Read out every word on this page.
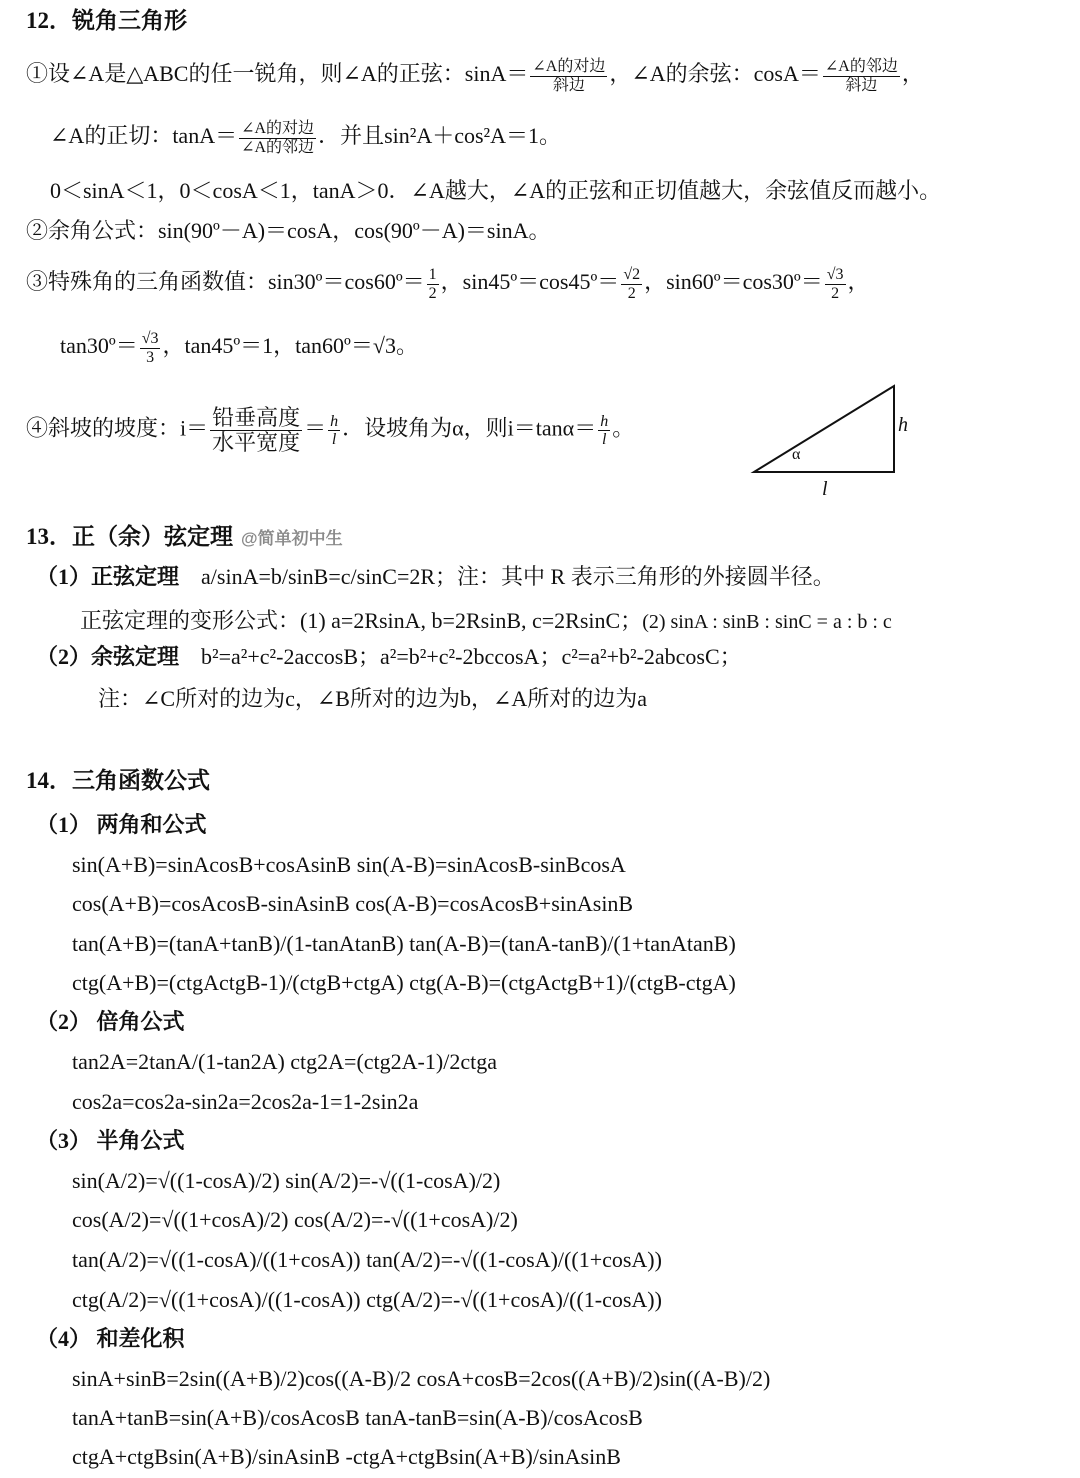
12．锐角三角形
①设∠A是△ABC的任一锐角，则∠A的正弦：$\sin A= \frac{\text{∠A的对边}}{\text{斜边}}$ ，∠A的余弦：$\cos A= \frac{\text{∠A的邻边}}{\text{斜边}}$ ，
∠A的正切：$\tan A= \frac{\text{∠A的对边}}{\text{∠A的邻边}}$ ．并且sin²A＋cos²A＝1。
0＜sinA＜1，0＜cosA＜1，tanA＞0．∠A越大，∠A的正弦和正切值越大，余弦值反而越小。
②余角公式：sin(90º－A)＝cosA，cos(90º－A)＝sinA。
③特殊角的三角函数值：sin30º＝cos60º＝ $\frac{1}{2}$ ，sin45º＝cos45º＝ $\frac{√2}{2}$ ，sin60º＝cos30º＝ $\frac{√3}{2}$ ，
tan30º＝ $\frac{√3}{3}$ ，tan45º＝1，tan60º＝√3。
④斜坡的坡度：$i= \frac{\text{铅垂高度}}{\text{水平宽度}} = \frac{h}{l}$ ．设坡角为α，则$i=\tan\alpha= \frac{h}{l}$ 。
α
h
l
13．正（余）弦定理 @简单初中生
（1）正弦定理 a/sinA=b/sinB=c/sinC=2R；注：其中 R 表示三角形的外接圆半径。
正弦定理的变形公式：(1) a=2RsinA, b=2RsinB, c=2RsinC；(2) sinA : sinB : sinC = a : b : c
（2）余弦定理 b²=a²+c²-2accosB；a²=b²+c²-2bccosA；c²=a²+b²-2abcosC；
注：∠C所对的边为c，∠B所对的边为b，∠A所对的边为a
14．三角函数公式
（1） 两角和公式
sin(A+B)=sinAcosB+cosAsinB sin(A-B)=sinAcosB-sinBcosA
cos(A+B)=cosAcosB-sinAsinB cos(A-B)=cosAcosB+sinAsinB
tan(A+B)=(tanA+tanB)/(1-tanAtanB) tan(A-B)=(tanA-tanB)/(1+tanAtanB)
ctg(A+B)=(ctgActgB-1)/(ctgB+ctgA) ctg(A-B)=(ctgActgB+1)/(ctgB-ctgA)
（2） 倍角公式
tan2A=2tanA/(1-tan2A) ctg2A=(ctg2A-1)/2ctga
cos2a=cos2a-sin2a=2cos2a-1=1-2sin2a
（3） 半角公式
sin(A/2)=√((1-cosA)/2) sin(A/2)=-√((1-cosA)/2)
cos(A/2)=√((1+cosA)/2) cos(A/2)=-√((1+cosA)/2)
tan(A/2)=√((1-cosA)/((1+cosA)) tan(A/2)=-√((1-cosA)/((1+cosA))
ctg(A/2)=√((1+cosA)/((1-cosA)) ctg(A/2)=-√((1+cosA)/((1-cosA))
（4） 和差化积
sinA+sinB=2sin((A+B)/2)cos((A-B)/2 cosA+cosB=2cos((A+B)/2)sin((A-B)/2)
tanA+tanB=sin(A+B)/cosAcosB tanA-tanB=sin(A-B)/cosAcosB
ctgA+ctgBsin(A+B)/sinAsinB -ctgA+ctgBsin(A+B)/sinAsinB
